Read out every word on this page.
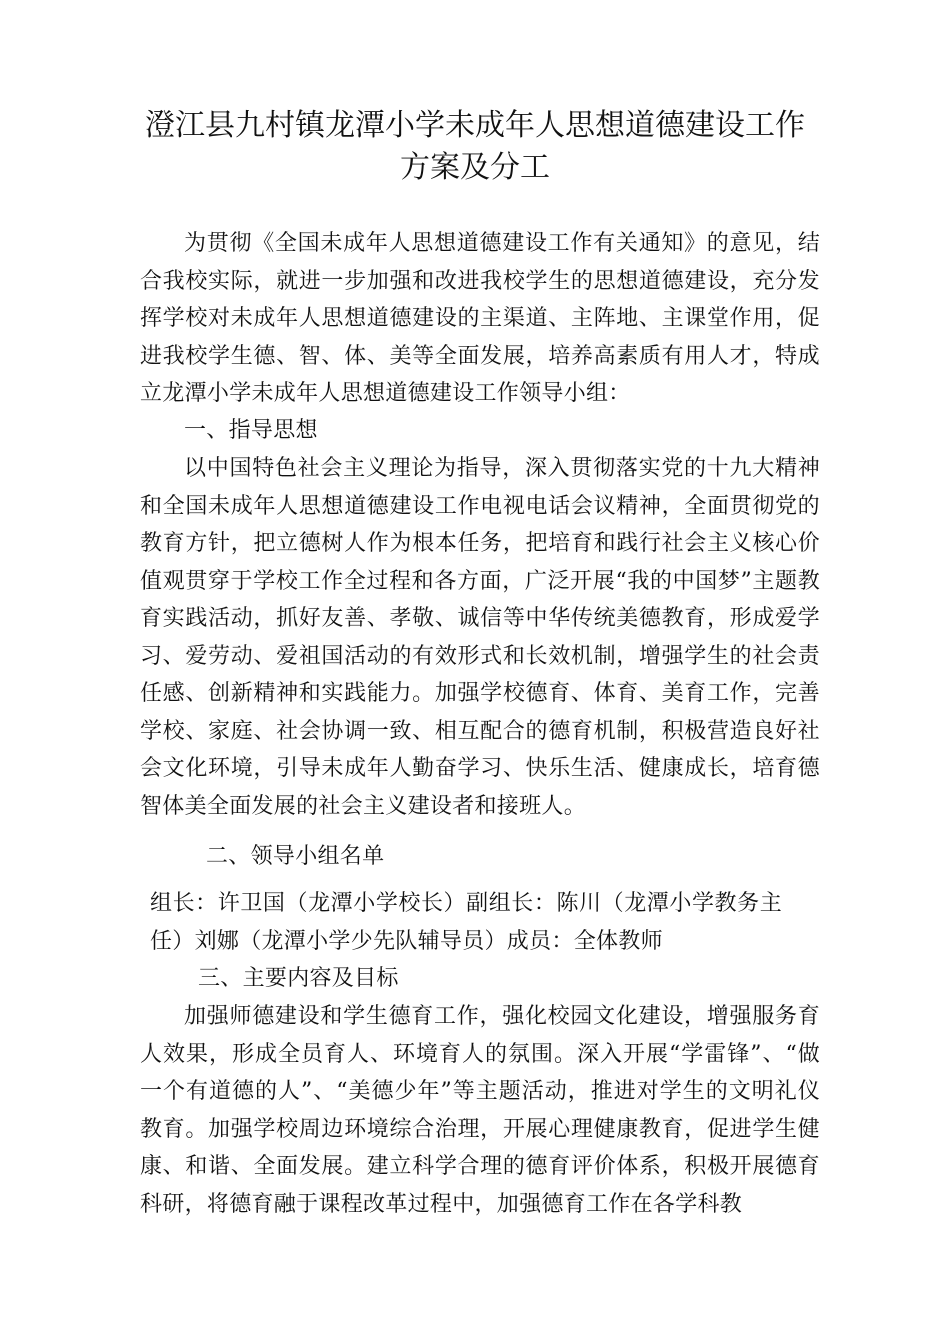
澄江县九村镇龙潭小学未成年人思想道德建设工作
方案及分工
为贯彻《全国未成年人思想道德建设工作有关通知》的意见，结合我校实际，就进一步加强和改进我校学生的思想道德建设，充分发挥学校对未成年人思想道德建设的主渠道、主阵地、主课堂作用，促进我校学生德、智、体、美等全面发展，培养高素质有用人才，特成立龙潭小学未成年人思想道德建设工作领导小组：
一、指导思想
以中国特色社会主义理论为指导，深入贯彻落实党的十九大精神和全国未成年人思想道德建设工作电视电话会议精神，全面贯彻党的教育方针，把立德树人作为根本任务，把培育和践行社会主义核心价值观贯穿于学校工作全过程和各方面，广泛开展“我的中国梦”主题教育实践活动，抓好友善、孝敬、诚信等中华传统美德教育，形成爱学习、爱劳动、爱祖国活动的有效形式和长效机制，增强学生的社会责任感、创新精神和实践能力。加强学校德育、体育、美育工作，完善学校、家庭、社会协调一致、相互配合的德育机制，积极营造良好社会文化环境，引导未成年人勤奋学习、快乐生活、健康成长，培育德智体美全面发展的社会主义建设者和接班人。
二、领导小组名单
组长：许卫国（龙潭小学校长）副组长：陈川（龙潭小学教务主任）刘娜（龙潭小学少先队辅导员）成员：全体教师
三、主要内容及目标
加强师德建设和学生德育工作，强化校园文化建设，增强服务育人效果，形成全员育人、环境育人的氛围。深入开展“学雷锋”、“做一个有道德的人”、“美德少年”等主题活动，推进对学生的文明礼仪教育。加强学校周边环境综合治理，开展心理健康教育，促进学生健康、和谐、全面发展。建立科学合理的德育评价体系，积极开展德育科研，将德育融于课程改革过程中，加强德育工作在各学科教
